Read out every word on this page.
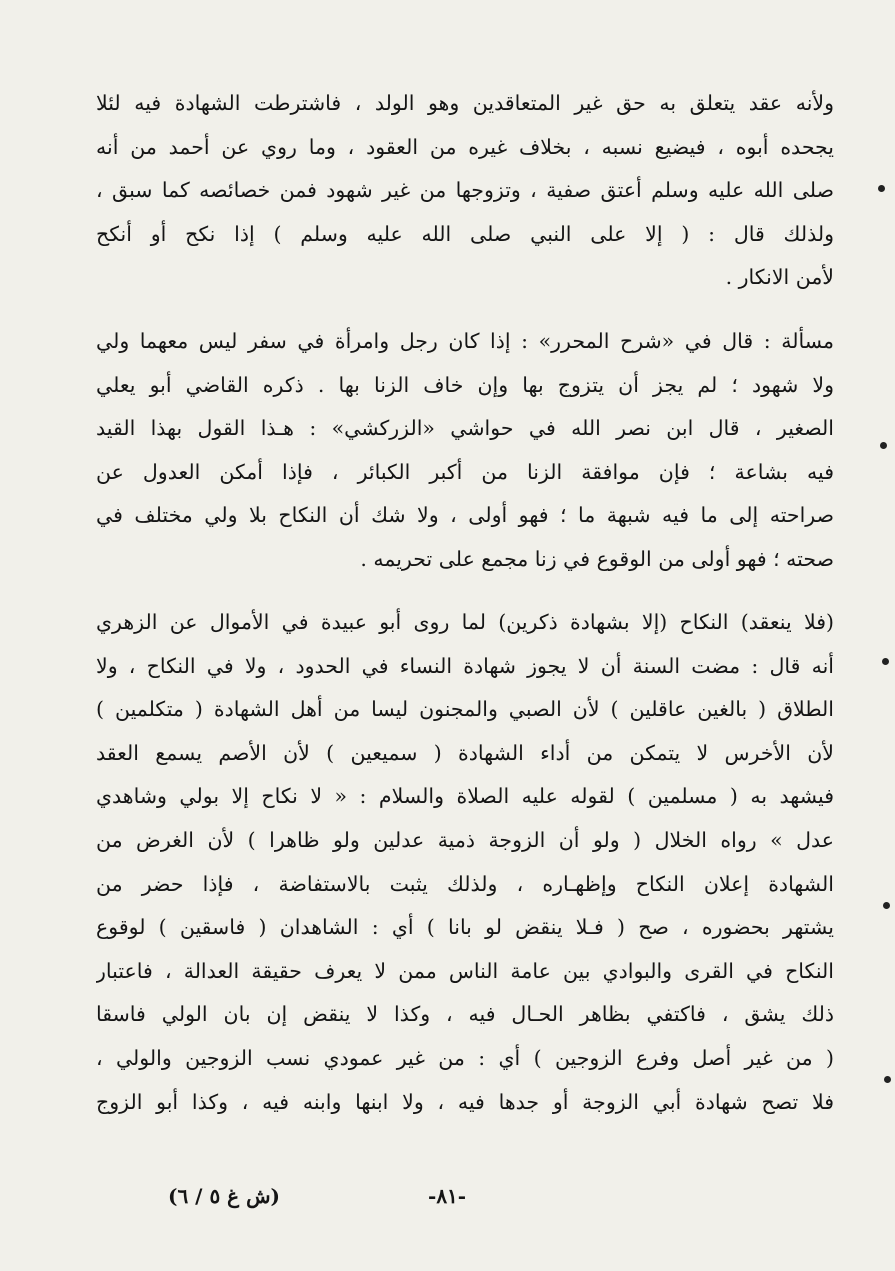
ولأنه عقد يتعلق به حق غير المتعاقدين وهو الولد ، فاشترطت الشهادة فيه لئلا
يجحده أبوه ، فيضيع نسبه ، بخلاف غيره من العقود ، وما روي عن أحمد من أنه
صلى الله عليه وسلم أعتق صفية ، وتزوجها من غير شهود فمن خصائصه كما سبق ،
ولذلك قال : ( إلا على النبي صلى الله عليه وسلم ) إذا نكح أو أنكح
لأمن الانكار .
مسألة : قال في «شرح المحرر» : إذا كان رجل وامرأة في سفر ليس معهما ولي
ولا شهود ؛ لم يجز أن يتزوج بها وإن خاف الزنا بها . ذكره القاضي أبو يعلي
الصغير ، قال ابن نصر الله في حواشي «الزركشي» : هـذا القول بهذا القيد
فيه بشاعة ؛ فإن موافقة الزنا من أكبر الكبائر ، فإذا أمكن العدول عن
صراحته إلى ما فيه شبهة ما ؛ فهو أولى ، ولا شك أن النكاح بلا ولي مختلف في
صحته ؛ فهو أولى من الوقوع في زنا مجمع على تحريمه .
(فلا ينعقد) النكاح (إلا بشهادة ذكرين) لما روى أبو عبيدة في الأموال عن الزهري
أنه قال : مضت السنة أن لا يجوز شهادة النساء في الحدود ، ولا في النكاح ، ولا
الطلاق ( بالغين عاقلين ) لأن الصبي والمجنون ليسا من أهل الشهادة ( متكلمين )
لأن الأخرس لا يتمكن من أداء الشهادة ( سميعين ) لأن الأصم يسمع العقد
فيشهد به ( مسلمين ) لقوله عليه الصلاة والسلام : « لا نكاح إلا بولي وشاهدي
عدل » رواه الخلال ( ولو أن الزوجة ذمية عدلين ولو ظاهرا ) لأن الغرض من
الشهادة إعلان النكاح وإظهـاره ، ولذلك يثبت بالاستفاضة ، فإذا حضر من
يشتهر بحضوره ، صح ( فـلا ينقض لو بانا ) أي : الشاهدان ( فاسقين ) لوقوع
النكاح في القرى والبوادي بين عامة الناس ممن لا يعرف حقيقة العدالة ، فاعتبار
ذلك يشق ، فاكتفي بظاهر الحـال فيه ، وكذا لا ينقض إن بان الولي فاسقا
( من غير أصل وفرع الزوجين ) أي : من غير عمودي نسب الزوجين والولي ،
فلا تصح شهادة أبي الزوجة أو جدها فيه ، ولا ابنها وابنه فيه ، وكذا أبو الزوج
-٨١-
(ش غ ٥ / ٦)
